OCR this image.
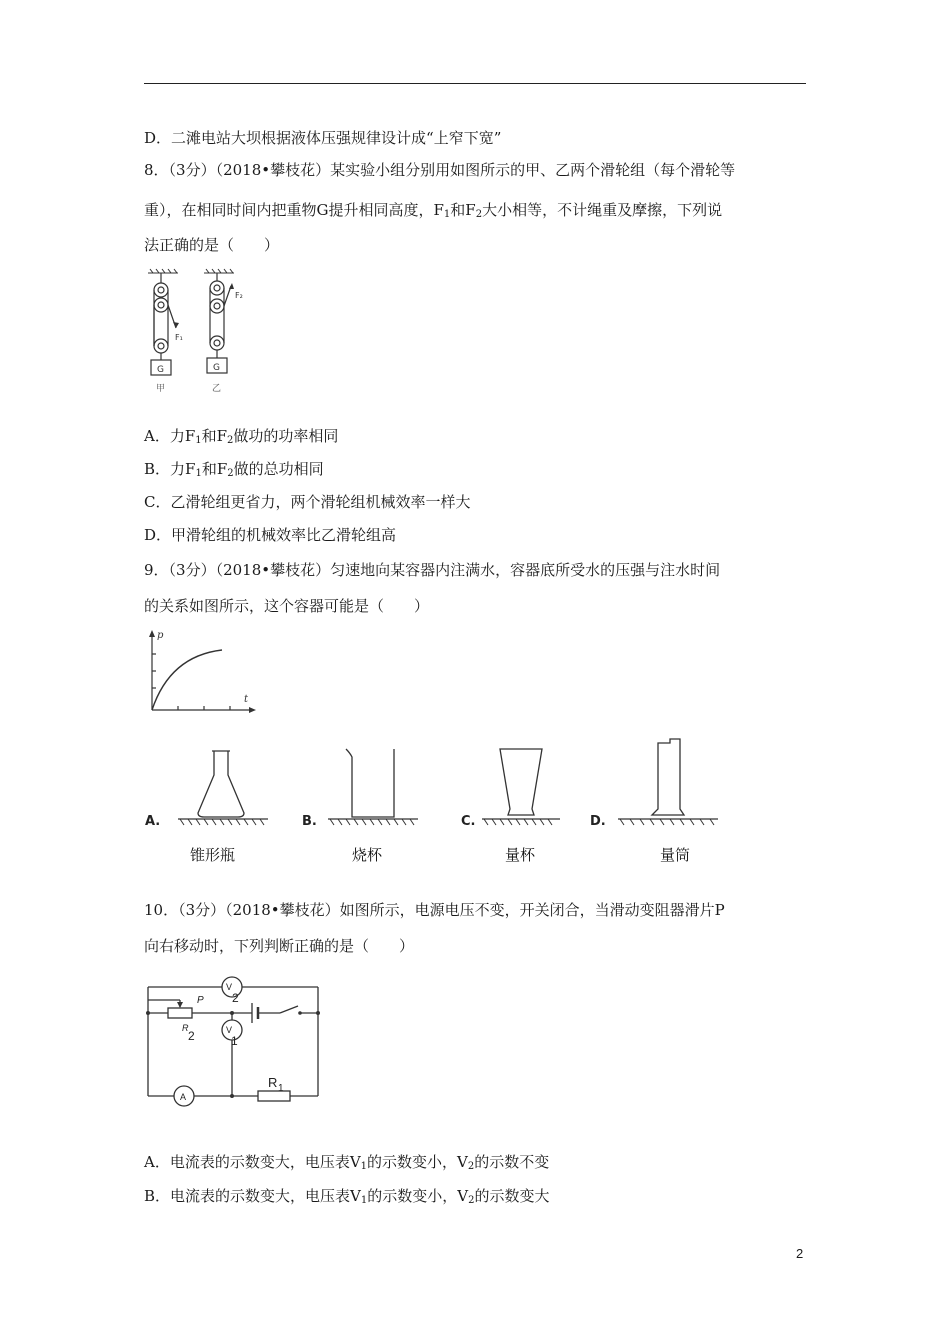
D．二滩电站大坝根据液体压强规律设计成“上窄下宽”
8．（3分）（2018•攀枝花）某实验小组分别用如图所示的甲、乙两个滑轮组（每个滑轮等
重），在相同时间内把重物G提升相同高度，$F_1$和$F_2$大小相等，不计绳重及摩擦，下列说
法正确的是（　　）
F₁
G
甲
F₂
G
乙
A．力$F_1$和$F_2$做功的功率相同
B．力$F_1$和$F_2$做的总功相同
C．乙滑轮组更省力，两个滑轮组机械效率一样大
D．甲滑轮组的机械效率比乙滑轮组高
9．（3分）（2018•攀枝花）匀速地向某容器内注满水，容器底所受水的压强与注水时间
的关系如图所示，这个容器可能是（　　）
p
t
A.	B.	C.	D.
锥形瓶	烧杯	量杯	量筒
10．（3分）（2018•攀枝花）如图所示，电源电压不变，开关闭合，当滑动变阻器滑片P
向右移动时，下列判断正确的是（　　）
V
2
V
1
A
P
R
2
R 1
A．电流表的示数变大，电压表$V_1$的示数变小，$V_2$的示数不变
B．电流表的示数变大，电压表$V_1$的示数变小，$V_2$的示数变大
2
